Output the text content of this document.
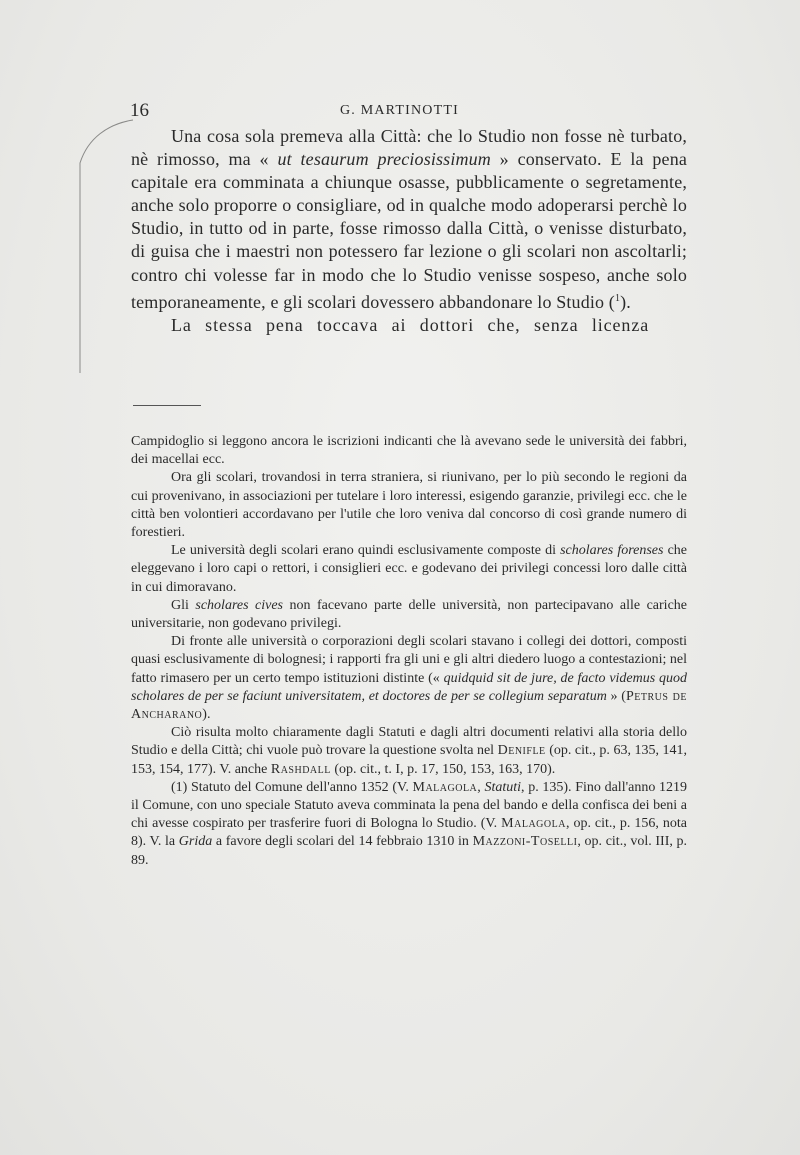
16	G. MARTINOTTI

Una cosa sola premeva alla Città: che lo Studio non fosse nè turbato, nè rimosso, ma « ut tesaurum preciosissimum » conservato. E la pena capitale era comminata a chiunque osasse, pubblicamente o segretamente, anche solo proporre o consigliare, od in qualche modo adoperarsi perchè lo Studio, in tutto od in parte, fosse rimosso dalla Città, o venisse disturbato, di guisa che i maestri non potessero far lezione o gli scolari non ascoltarli; contro chi volesse far in modo che lo Studio venisse sospeso, anche solo temporaneamente, e gli scolari dovessero abbandonare lo Studio ($^1$).

La stessa pena toccava ai dottori che, senza licenza

Campidoglio si leggono ancora le iscrizioni indicanti che là avevano sede le università dei fabbri, dei macellai ecc.

Ora gli scolari, trovandosi in terra straniera, si riunivano, per lo più secondo le regioni da cui provenivano, in associazioni per tutelare i loro interessi, esigendo garanzie, privilegi ecc. che le città ben volontieri accordavano per l'utile che loro veniva dal concorso di così grande numero di forestieri.

Le università degli scolari erano quindi esclusivamente composte di scholares forenses che eleggevano i loro capi o rettori, i consiglieri ecc. e godevano dei privilegi concessi loro dalle città in cui dimoravano.

Gli scholares cives non facevano parte delle università, non partecipavano alle cariche universitarie, non godevano privilegi.

Di fronte alle università o corporazioni degli scolari stavano i collegi dei dottori, composti quasi esclusivamente di bolognesi; i rapporti fra gli uni e gli altri diedero luogo a contestazioni; nel fatto rimasero per un certo tempo istituzioni distinte (« quidquid sit de jure, de facto videmus quod scholares de per se faciunt universitatem, et doctores de per se collegium separatum » (Petrus de Ancharano).

Ciò risulta molto chiaramente dagli Statuti e dagli altri documenti relativi alla storia dello Studio e della Città; chi vuole può trovare la questione svolta nel Denifle (op. cit., p. 63, 135, 141, 153, 154, 177). V. anche Rashdall (op. cit., t. I, p. 17, 150, 153, 163, 170).

(1) Statuto del Comune dell'anno 1352 (V. Malagola, Statuti, p. 135). Fino dall'anno 1219 il Comune, con uno speciale Statuto aveva comminata la pena del bando e della confisca dei beni a chi avesse cospirato per trasferire fuori di Bologna lo Studio. (V. Malagola, op. cit., p. 156, nota 8). V. la Grida a favore degli scolari del 14 febbraio 1310 in Mazzoni-Toselli, op. cit., vol. III, p. 89.
